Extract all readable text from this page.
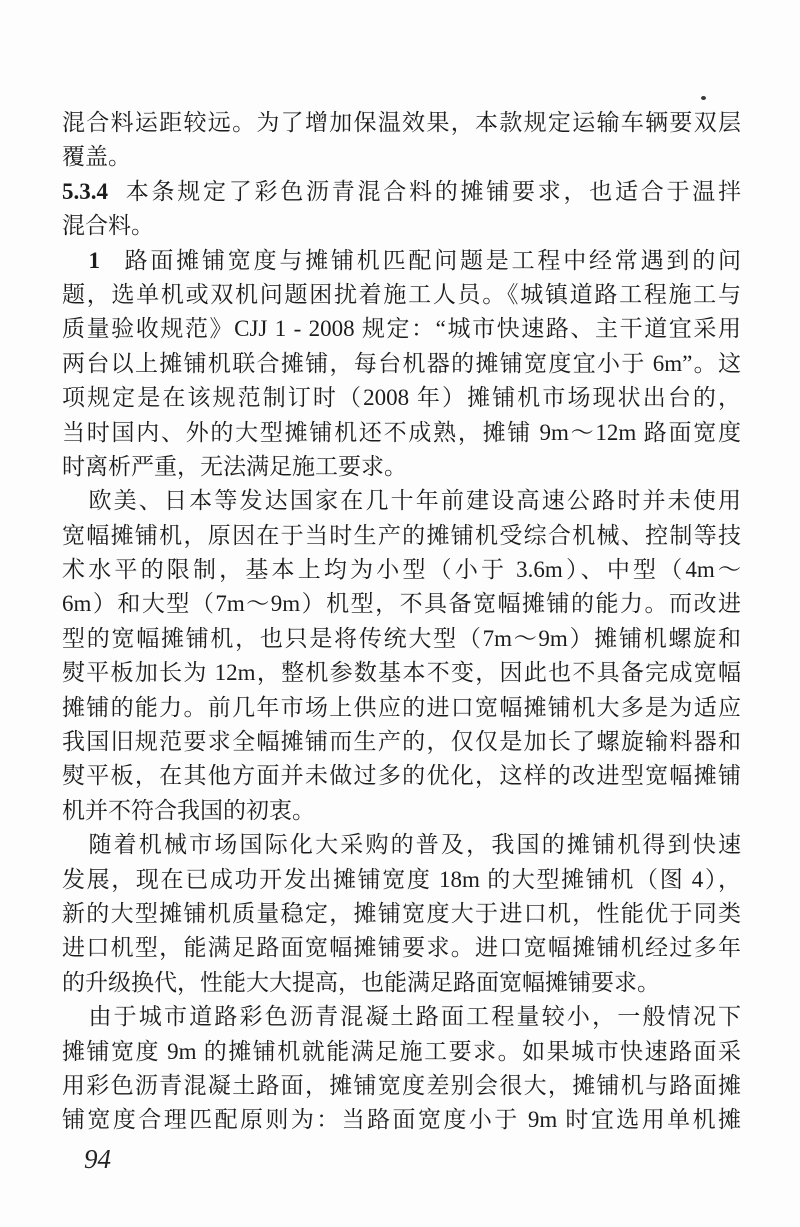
混合料运距较远。为了增加保温效果，本款规定运输车辆要双层
覆盖。
5.3.4 本条规定了彩色沥青混合料的摊铺要求，也适合于温拌
混合料。
1 路面摊铺宽度与摊铺机匹配问题是工程中经常遇到的问
题，选单机或双机问题困扰着施工人员。《城镇道路工程施工与
质量验收规范》CJJ 1 - 2008 规定：“城市快速路、主干道宜采用
两台以上摊铺机联合摊铺，每台机器的摊铺宽度宜小于 6m”。这
项规定是在该规范制订时（2008 年）摊铺机市场现状出台的，
当时国内、外的大型摊铺机还不成熟，摊铺 9m～12m 路面宽度
时离析严重，无法满足施工要求。
欧美、日本等发达国家在几十年前建设高速公路时并未使用
宽幅摊铺机，原因在于当时生产的摊铺机受综合机械、控制等技
术水平的限制，基本上均为小型（小于 3.6m）、中型（4m～
6m）和大型（7m～9m）机型，不具备宽幅摊铺的能力。而改进
型的宽幅摊铺机，也只是将传统大型（7m～9m）摊铺机螺旋和
熨平板加长为 12m，整机参数基本不变，因此也不具备完成宽幅
摊铺的能力。前几年市场上供应的进口宽幅摊铺机大多是为适应
我国旧规范要求全幅摊铺而生产的，仅仅是加长了螺旋输料器和
熨平板，在其他方面并未做过多的优化，这样的改进型宽幅摊铺
机并不符合我国的初衷。
随着机械市场国际化大采购的普及，我国的摊铺机得到快速
发展，现在已成功开发出摊铺宽度 18m 的大型摊铺机（图 4），
新的大型摊铺机质量稳定，摊铺宽度大于进口机，性能优于同类
进口机型，能满足路面宽幅摊铺要求。进口宽幅摊铺机经过多年
的升级换代，性能大大提高，也能满足路面宽幅摊铺要求。
由于城市道路彩色沥青混凝土路面工程量较小，一般情况下
摊铺宽度 9m 的摊铺机就能满足施工要求。如果城市快速路面采
用彩色沥青混凝土路面，摊铺宽度差别会很大，摊铺机与路面摊
铺宽度合理匹配原则为：当路面宽度小于 9m 时宜选用单机摊
94
